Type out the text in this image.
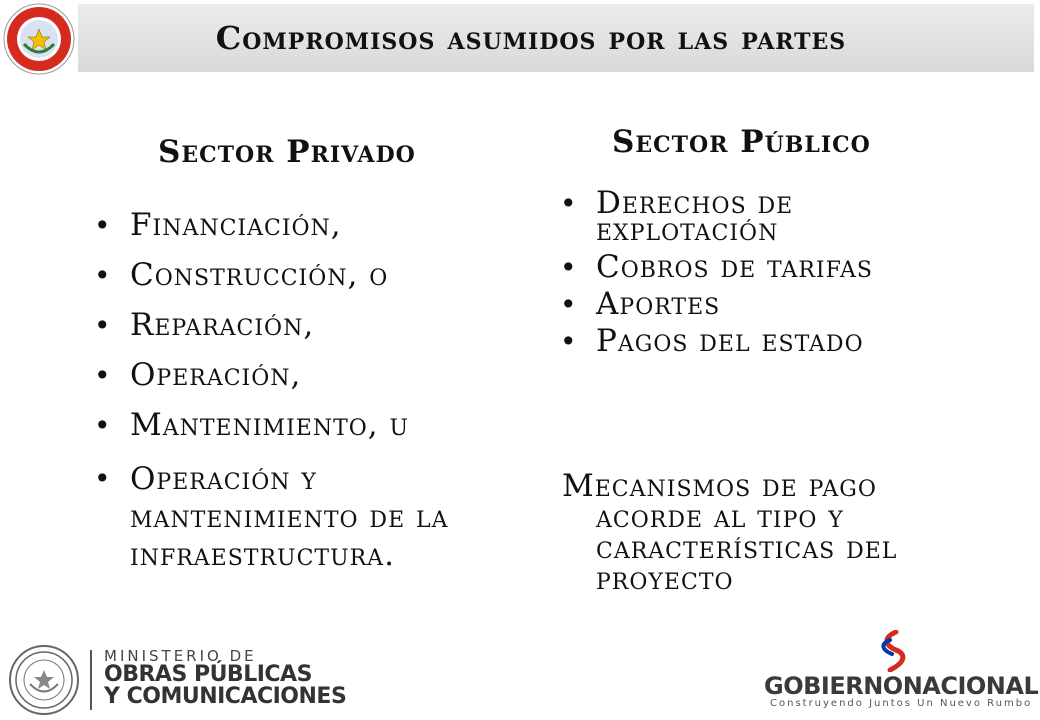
Compromisos asumidos por las partes
Sector Privado	Sector Público
• Financiación,
• Construcción, o
• Reparación,
• Operación,
• Mantenimiento, u
• Operación y mantenimiento de la infraestructura.
• Derechos de explotación
• Cobros de tarifas
• Aportes
• Pagos del estado
Mecanismos de pago
acorde al tipo y características del proyecto
MINISTERIO DE
OBRAS PÚBLICAS
Y COMUNICACIONES	GOBIERNONACIONAL
Construyendo Juntos Un Nuevo Rumbo
